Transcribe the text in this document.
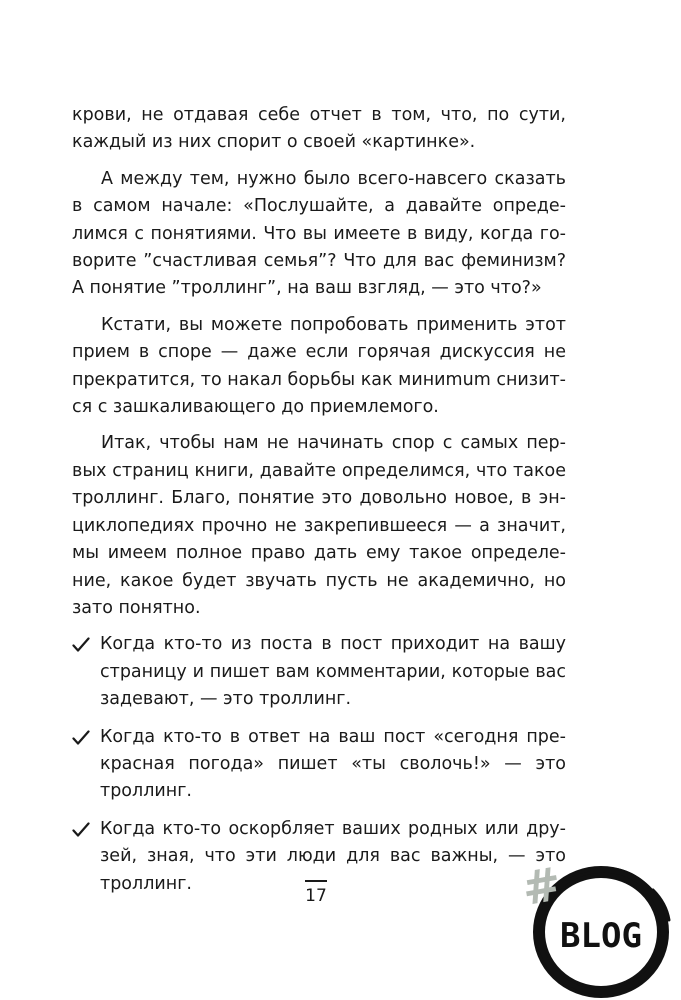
крови, не отдавая себе отчет в том, что, по сути, каждый из них спорит о своей «картинке».

А между тем, нужно было всего-навсего сказать в самом начале: «Послушайте, а давайте определимся с понятиями. Что вы имеете в виду, когда говорите ”счастливая семья”? Что для вас феминизм? А понятие ”троллинг”, на ваш взгляд, — это что?»

Кстати, вы можете попробовать применить этот прием в споре — даже если горячая дискуссия не прекратится, то накал борьбы как миниmum снизится с зашкаливающего до приемлемого.

Итак, чтобы нам не начинать спор с самых первых страниц книги, давайте определимся, что такое троллинг. Благо, понятие это довольно новое, в энциклопедиях прочно не закрепившееся — а значит, мы имеем полное право дать ему такое определение, какое будет звучать пусть не академично, но зато понятно.

Когда кто-то из поста в пост приходит на вашу страницу и пишет вам комментарии, которые вас задевают, — это троллинг.
Когда кто-то в ответ на ваш пост «сегодня прекрасная погода» пишет «ты сволочь!» — это троллинг.
Когда кто-то оскорбляет ваших родных или друзей, зная, что эти люди для вас важны, — это троллинг.
17	#
BLOG
